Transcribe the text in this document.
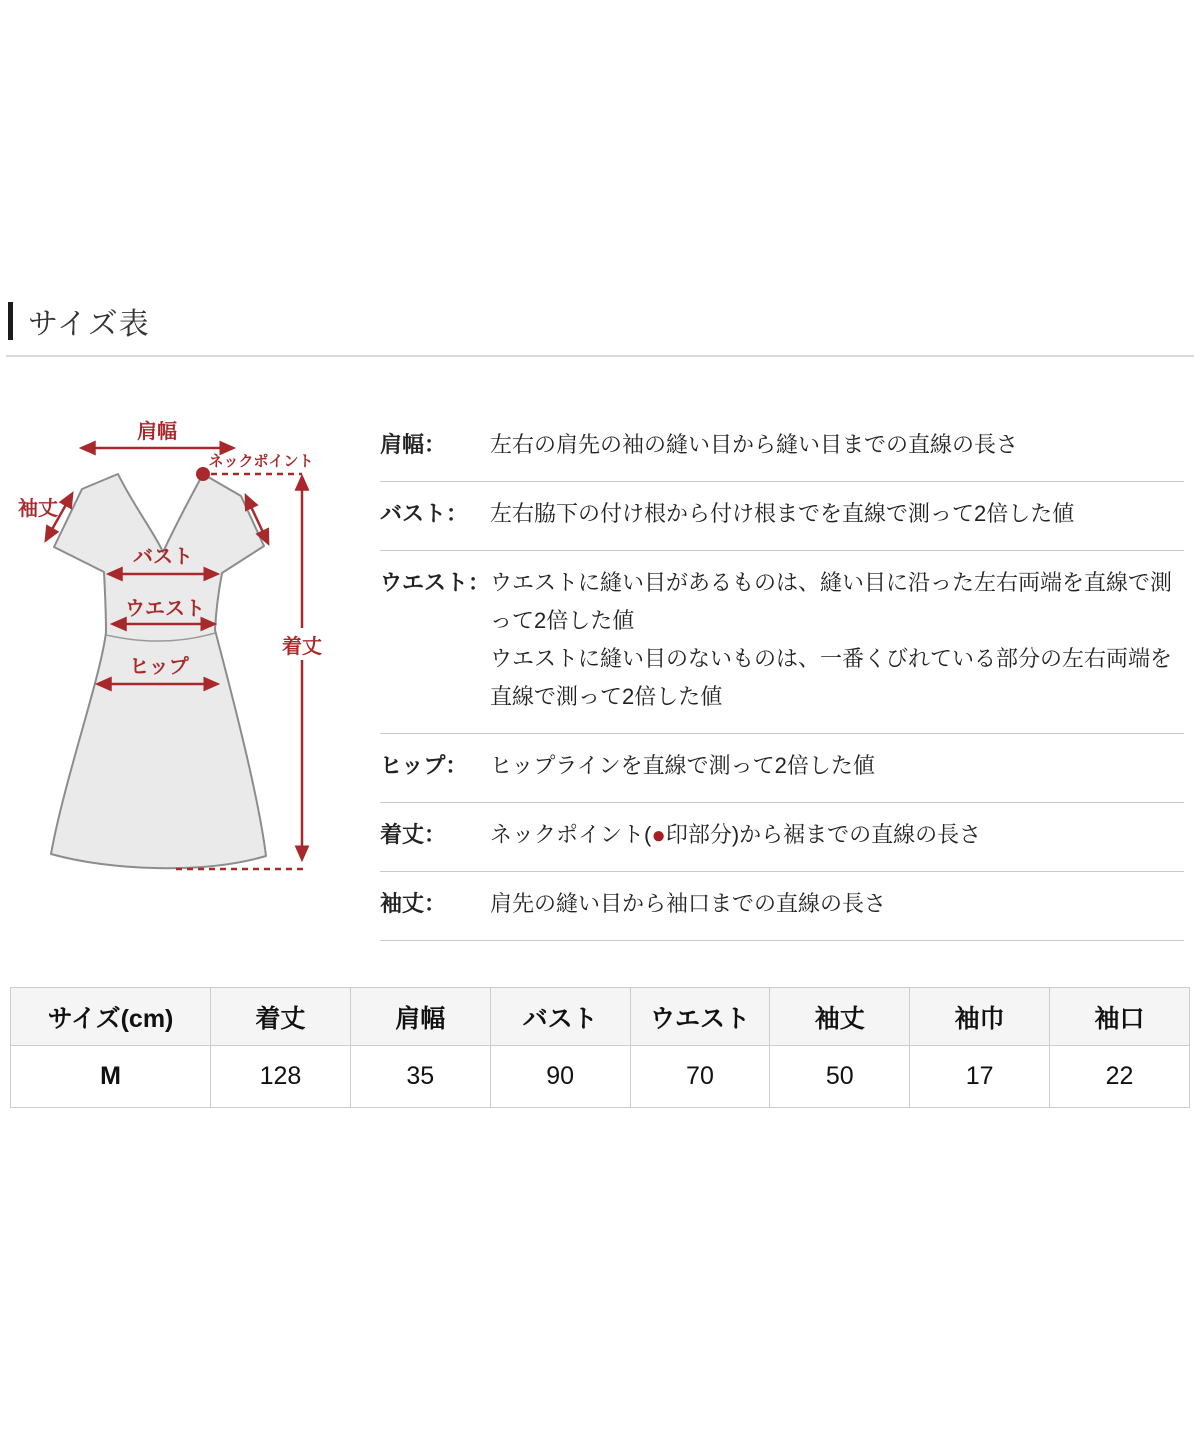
サイズ表
肩幅
ネックポイント
袖丈
バスト
ウエスト
ヒップ
着丈
肩幅：	左右の肩先の袖の縫い目から縫い目までの直線の長さ
バスト： 左右脇下の付け根から付け根までを直線で測って2倍した値
ウエスト： ウエストに縫い目があるものは、縫い目に沿った左右両端を直線で測って2倍した値
ウエストに縫い目のないものは、一番くびれている部分の左右両端を直線で測って2倍した値
ヒップ：	ヒップラインを直線で測って2倍した値
着丈：	ネックポイント(●印部分)から裾までの直線の長さ
袖丈：	肩先の縫い目から袖口までの直線の長さ
サイズ(cm)	着丈	肩幅	バスト	ウエスト	袖丈	袖巾	袖口
M	128	35	90	70	50	17	22
